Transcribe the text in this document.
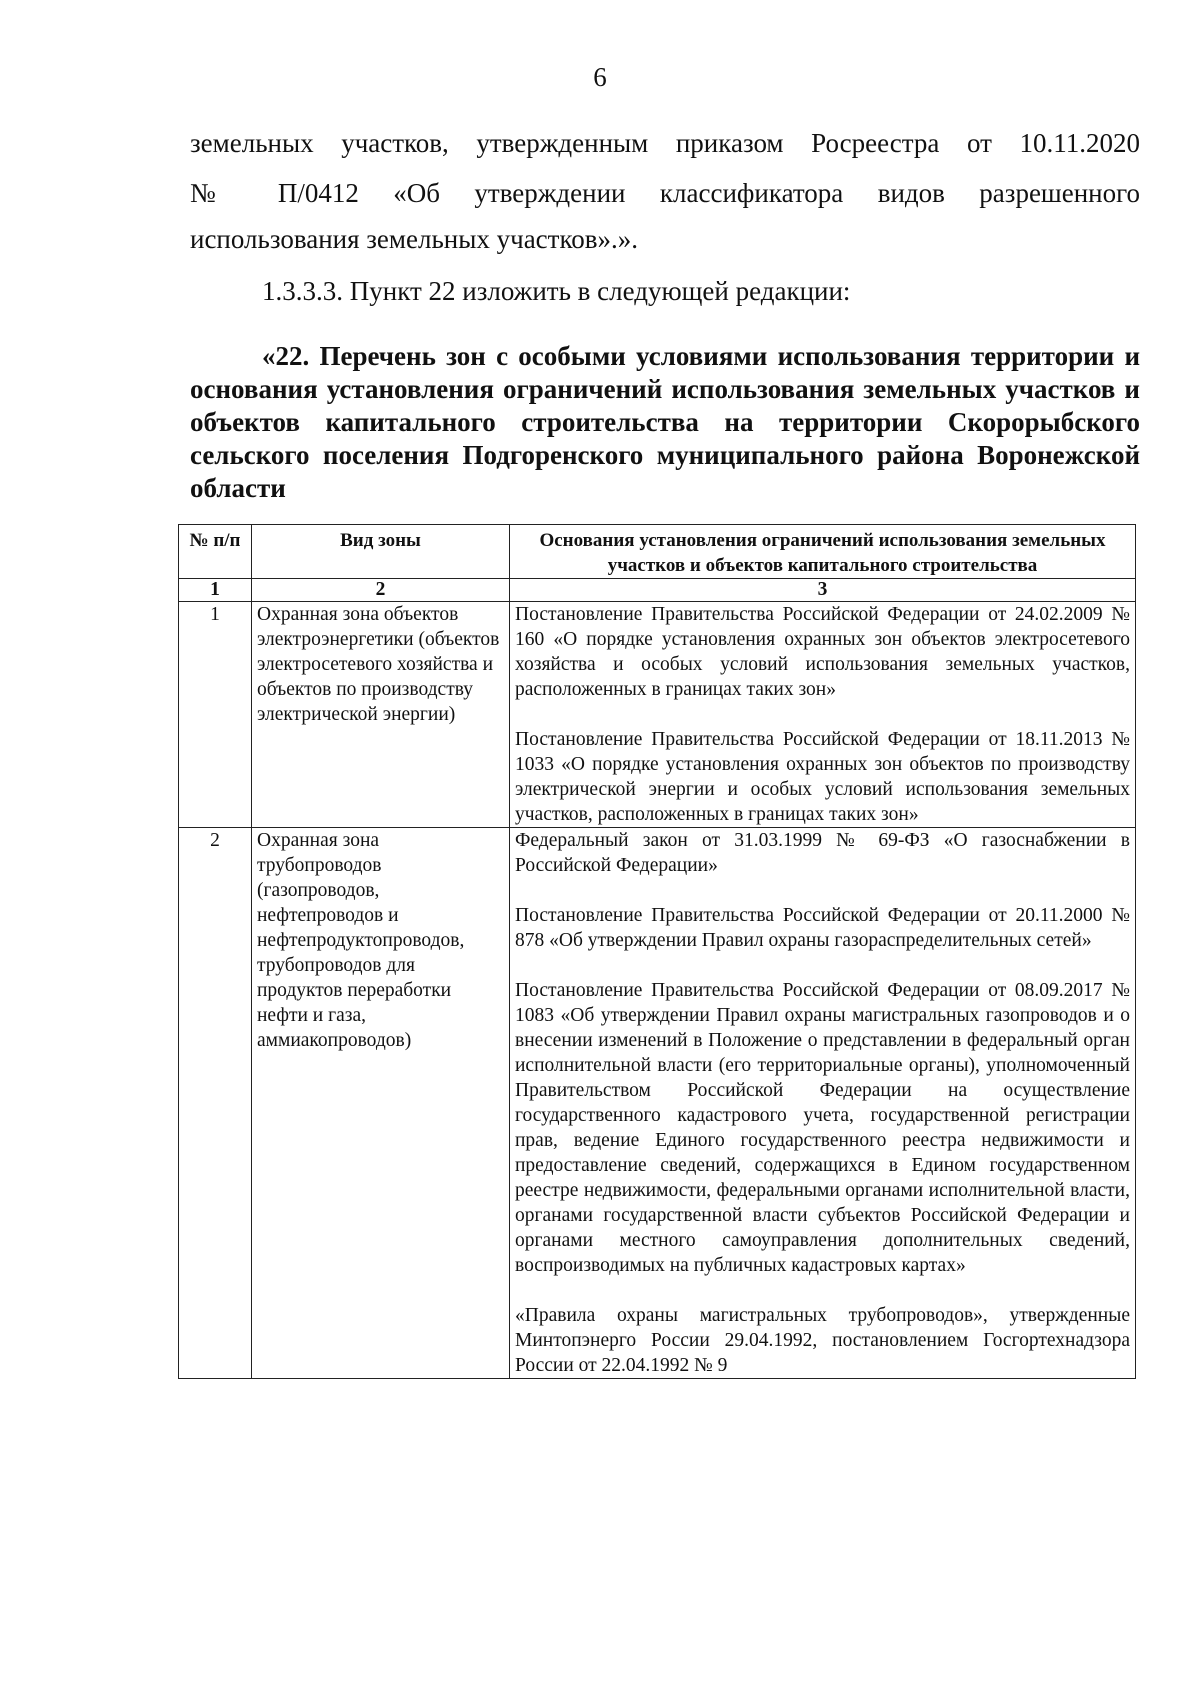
6
земельных участков, утвержденным приказом Росреестра от 10.11.2020
№ П/0412 «Об утверждении классификатора видов разрешенного
использования земельных участков».».
1.3.3.3. Пункт 22 изложить в следующей редакции:
«22. Перечень зон с особыми условиями использования территории и основания установления ограничений использования земельных участков и объектов капитального строительства на территории Скорорыбского сельского поселения Подгоренского муниципального района Воронежской области
№ п/п	Вид зоны	Основания установления ограничений использования земельных участков и объектов капитального строительства
1	2	3
1	Охранная зона объектов электроэнергетики (объектов электросетевого хозяйства и объектов по производству электрической энергии)	Постановление Правительства Российской Федерации от 24.02.2009 № 160 «О порядке установления охранных зон объектов электросетевого хозяйства и особых условий использования земельных участков, расположенных в границах таких зон»

Постановление Правительства Российской Федерации от 18.11.2013 № 1033 «О порядке установления охранных зон объектов по производству электрической энергии и особых условий использования земельных участков, расположенных в границах таких зон»

2	Охранная зона трубопроводов (газопроводов, нефтепроводов и нефтепродуктопроводов, трубопроводов для продуктов переработки нефти и газа, аммиакопроводов)	Федеральный закон от 31.03.1999 № 69-ФЗ «О газоснабжении в Российской Федерации»

Постановление Правительства Российской Федерации от 20.11.2000 № 878 «Об утверждении Правил охраны газораспределительных сетей»

Постановление Правительства Российской Федерации от 08.09.2017 № 1083 «Об утверждении Правил охраны магистральных газопроводов и о внесении изменений в Положение о представлении в федеральный орган исполнительной власти (его территориальные органы), уполномоченный Правительством Российской Федерации на осуществление государственного кадастрового учета, государственной регистрации прав, ведение Единого государственного реестра недвижимости и предоставление сведений, содержащихся в Едином государственном реестре недвижимости, федеральными органами исполнительной власти, органами государственной власти субъектов Российской Федерации и органами местного самоуправления дополнительных сведений, воспроизводимых на публичных кадастровых картах»

«Правила охраны магистральных трубопроводов», утвержденные Минтопэнерго России 29.04.1992, постановлением Госгортехнадзора России от 22.04.1992 № 9
